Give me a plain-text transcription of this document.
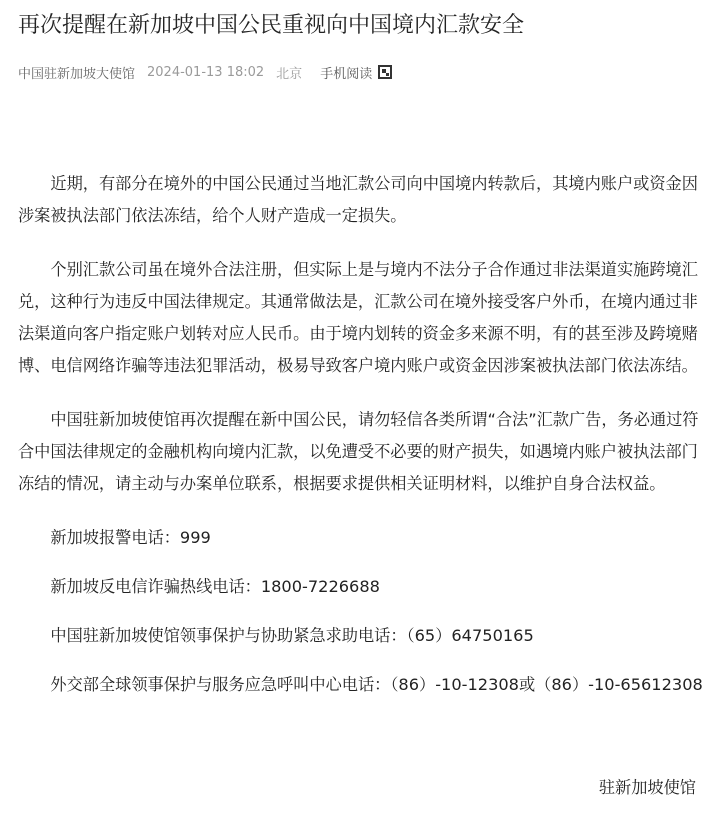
再次提醒在新加坡中国公民重视向中国境内汇款安全
中国驻新加坡大使馆 2024-01-13 18:02 北京 手机阅读

近期，有部分在境外的中国公民通过当地汇款公司向中国境内转款后，其境内账户或资金因涉案被执法部门依法冻结，给个人财产造成一定损失。

个别汇款公司虽在境外合法注册，但实际上是与境内不法分子合作通过非法渠道实施跨境汇兑，这种行为违反中国法律规定。其通常做法是，汇款公司在境外接受客户外币，在境内通过非法渠道向客户指定账户划转对应人民币。由于境内划转的资金多来源不明，有的甚至涉及跨境赌博、电信网络诈骗等违法犯罪活动，极易导致客户境内账户或资金因涉案被执法部门依法冻结。

中国驻新加坡使馆再次提醒在新中国公民，请勿轻信各类所谓“合法”汇款广告，务必通过符合中国法律规定的金融机构向境内汇款，以免遭受不必要的财产损失，如遇境内账户被执法部门冻结的情况，请主动与办案单位联系，根据要求提供相关证明材料，以维护自身合法权益。

新加坡报警电话：999

新加坡反电信诈骗热线电话：1800-7226688

中国驻新加坡使馆领事保护与协助紧急求助电话：（65）64750165

外交部全球领事保护与服务应急呼叫中心电话：（86）-10-12308或（86）-10-65612308

驻新加坡使馆
